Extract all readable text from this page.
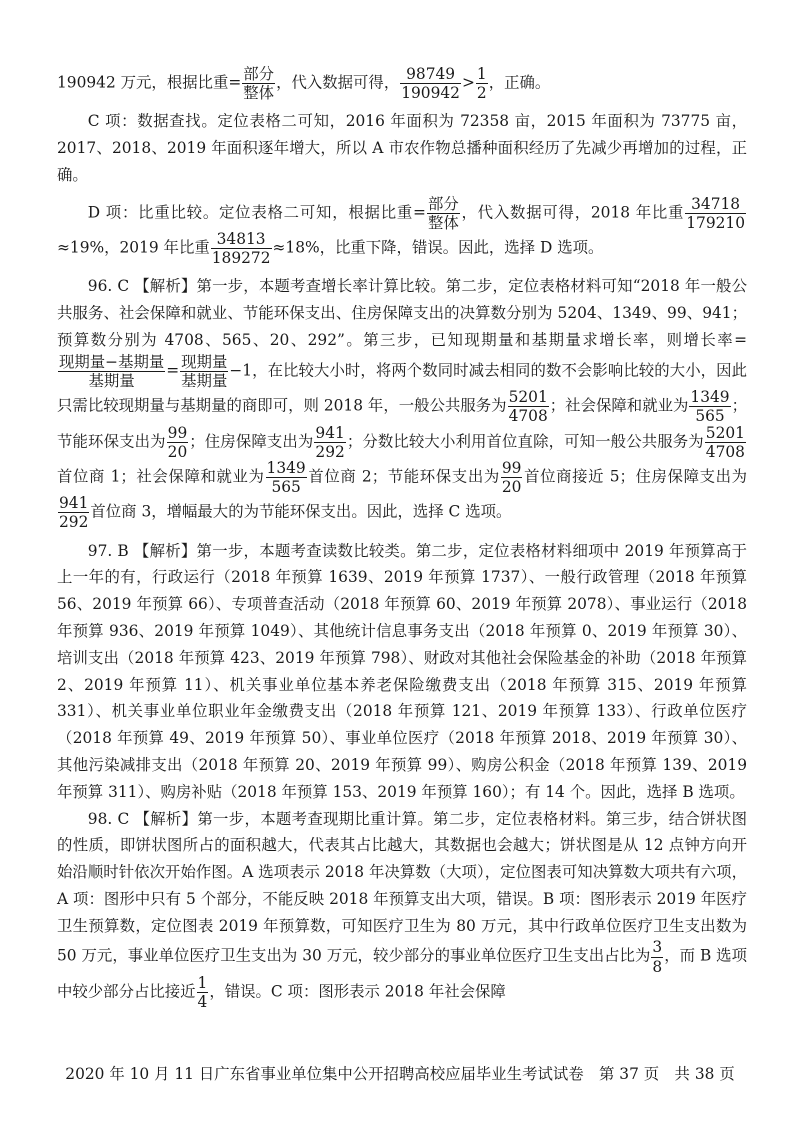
190942 万元，根据比重= $\frac{\text{部分}}{\text{整体}}$ ，代入数据可得， $\frac{98749}{190942} > \frac{1}{2}$ ，正确。

C 项：数据查找。定位表格二可知，2016 年面积为 72358 亩，2015 年面积为 73775 亩，2017、2018、2019 年面积逐年增大，所以 A 市农作物总播种面积经历了先减少再增加的过程，正确。

D 项：比重比较。定位表格二可知，根据比重= $\frac{\text{部分}}{\text{整体}}$ ，代入数据可得，2018 年比重 $\frac{34718}{179210}$
≈19%，2019 年比重 $\frac{34813}{189272} \approx 18\%$，比重下降，错误。因此，选择 D 选项。

96. C 【解析】第一步，本题考查增长率计算比较。第二步，定位表格材料可知“2018 年一般公共服务、社会保障和就业、节能环保支出、住房保障支出的决算数分别为 5204、1349、99、941；预算数分别为 4708、565、20、292”。第三步，已知现期量和基期量求增长率，则增长率=
$\frac{\text{现期量−基期量}}{\text{基期量}} = \frac{\text{现期量}}{\text{基期量}} -1$，在比较大小时，将两个数同时减去相同的数不会影响比较的大小，因此只需比较现期量与基期量的商即可，则 2018 年，一般公共服务为 $\frac{5201}{4708}$ ；社会保障和就业为 $\frac{1349}{565}$ ；节能环保支出为 $\frac{99}{20}$ ；住房保障支出为 $\frac{941}{292}$ ；分数比较大小利用首位直除，可知一般公共服务为 $\frac{5201}{4708}$
首位商 1；社会保障和就业为 $\frac{1349}{565}$ 首位商 2；节能环保支出为 $\frac{99}{20}$ 首位商接近 5；住房保障支出为
$\frac{941}{292}$ 首位商 3，增幅最大的为节能环保支出。因此，选择 C 选项。

97. B 【解析】第一步，本题考查读数比较类。第二步，定位表格材料细项中 2019 年预算高于上一年的有，行政运行（2018 年预算 1639、2019 年预算 1737）、一般行政管理（2018 年预算 56、2019 年预算 66）、专项普查活动（2018 年预算 60、2019 年预算 2078）、事业运行（2018 年预算 936、2019 年预算 1049）、其他统计信息事务支出（2018 年预算 0、2019 年预算 30）、培训支出（2018 年预算 423、2019 年预算 798）、财政对其他社会保险基金的补助（2018 年预算 2、2019 年预算 11）、机关事业单位基本养老保险缴费支出（2018 年预算 315、2019 年预算 331）、机关事业单位职业年金缴费支出（2018 年预算 121、2019 年预算 133）、行政单位医疗（2018 年预算 49、2019 年预算 50）、事业单位医疗（2018 年预算 2018、2019 年预算 30）、其他污染减排支出（2018 年预算 20、2019 年预算 99）、购房公积金（2018 年预算 139、2019 年预算 311）、购房补贴（2018 年预算 153、2019 年预算 160）；有 14 个。因此，选择 B 选项。

98. C 【解析】第一步，本题考查现期比重计算。第二步，定位表格材料。第三步，结合饼状图的性质，即饼状图所占的面积越大，代表其占比越大，其数据也会越大；饼状图是从 12 点钟方向开始沿顺时针依次开始作图。A 选项表示 2018 年决算数（大项），定位图表可知决算数大项共有六项，A 项：图形中只有 5 个部分，不能反映 2018 年预算支出大项，错误。B 项：图形表示 2019 年医疗卫生预算数，定位图表 2019 年预算数，可知医疗卫生为 80 万元，其中行政单位医疗卫生支出数为 50 万元，事业单位医疗卫生支出为 30 万元，较少部分的事业单位医疗卫生支出占比为 $\frac{3}{8}$ ，而 B 选项中较少部分占比接近 $\frac{1}{4}$ ，错误。C 项：图形表示 2018 年社会保障

2020 年 10 月 11 日广东省事业单位集中公开招聘高校应届毕业生考试试卷　第 37 页　共 38 页
